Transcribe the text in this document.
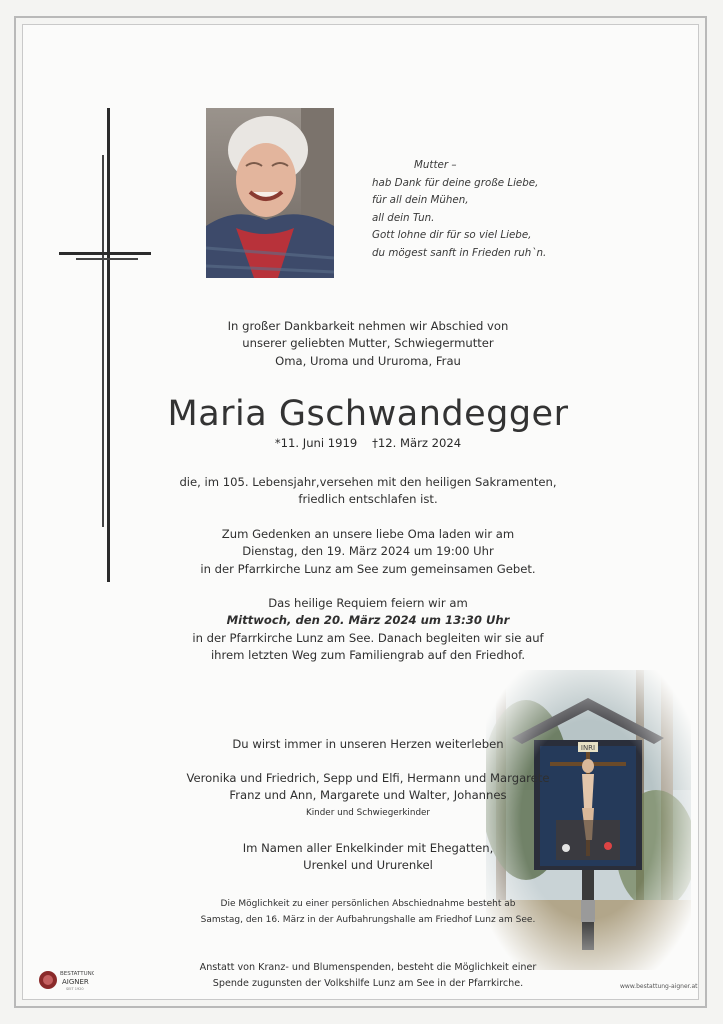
Mutter –
hab Dank für deine große Liebe,
für all dein Mühen,
all dein Tun.
Gott lohne dir für so viel Liebe,
du mögest sanft in Frieden ruh`n.
In großer Dankbarkeit nehmen wir Abschied von
unserer geliebten Mutter, Schwiegermutter
Oma, Uroma und Ururoma, Frau
Maria Gschwandegger
*11. Juni 1919 †12. März 2024
die, im 105. Lebensjahr,versehen mit den heiligen Sakramenten,
friedlich entschlafen ist.
Zum Gedenken an unsere liebe Oma laden wir am
Dienstag, den 19. März 2024 um 19:00 Uhr
in der Pfarrkirche Lunz am See zum gemeinsamen Gebet.
Das heilige Requiem feiern wir am
Mittwoch, den 20. März 2024 um 13:30 Uhr
in der Pfarrkirche Lunz am See. Danach begleiten wir sie auf
ihrem letzten Weg zum Familiengrab auf den Friedhof.
Du wirst immer in unseren Herzen weiterleben
Veronika und Friedrich, Sepp und Elfi, Hermann und Margarete
Franz und Ann, Margarete und Walter, Johannes
Kinder und Schwiegerkinder
Im Namen aller Enkelkinder mit Ehegatten,
Urenkel und Ururenkel
Die Möglichkeit zu einer persönlichen Abschiednahme besteht ab
Samstag, den 16. März in der Aufbahrungshalle am Friedhof Lunz am See.
Anstatt von Kranz- und Blumenspenden, besteht die Möglichkeit einer
Spende zugunsten der Volkshilfe Lunz am See in der Pfarrkirche.
BESTATTUNG
AIGNER
SEIT 1920	www.bestattung-aigner.at
